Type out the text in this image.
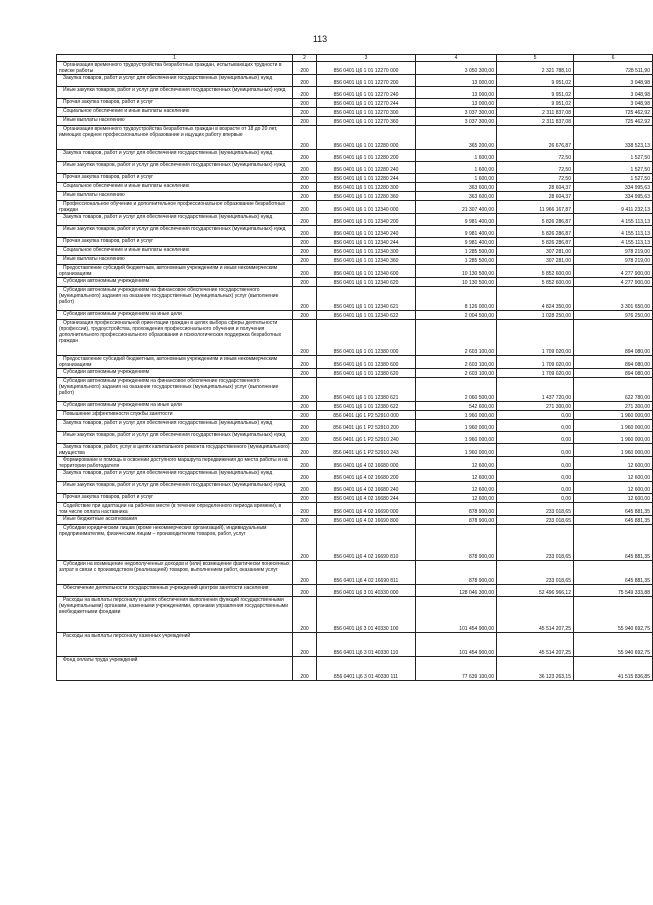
113
1	2	3	4	5	6
Организация временного трудоустройства безработных граждан, испытывающих трудности в поиске работы	200	856 0401 Ц6 1 01 12270 000	3 050 300,00	2 321 788,10	728 511,90
Закупка товаров, работ и услуг для обеспечения государственных (муниципальных) нужд	200	856 0401 Ц6 1 01 12270 200	13 000,00	9 951,02	3 048,98
Иные закупки товаров, работ и услуг для обеспечения государственных (муниципальных) нужд	200	856 0401 Ц6 1 01 12270 240	13 000,00	9 951,02	3 048,98
Прочая закупка товаров, работ и услуг	200	856 0401 Ц6 1 01 12270 244	13 000,00	9 951,02	3 048,98
Социальное обеспечение и иные выплаты населению	200	856 0401 Ц6 1 01 12270 300	3 037 300,00	2 311 837,08	725 462,92
Иные выплаты населению	200	856 0401 Ц6 1 01 12270 360	3 037 300,00	2 311 837,08	725 462,92
Организация временного трудоустройства безработных граждан в возрасте от 18 до 20 лет, имеющих среднее профессиональное образование и ищущих работу впервые	200	856 0401 Ц6 1 01 12280 000	365 200,00	26 676,87	338 523,13
Закупка товаров, работ и услуг для обеспечения государственных (муниципальных) нужд	200	856 0401 Ц6 1 01 12280 200	1 600,00	72,50	1 527,50
Иные закупки товаров, работ и услуг для обеспечения государственных (муниципальных) нужд	200	856 0401 Ц6 1 01 12280 240	1 600,00	72,50	1 527,50
Прочая закупка товаров, работ и услуг	200	856 0401 Ц6 1 01 12280 244	1 600,00	72,50	1 527,50
Социальное обеспечение и иные выплаты населению	200	856 0401 Ц6 1 01 12280 300	363 600,00	28 604,37	334 995,63
Иные выплаты населению	200	856 0401 Ц6 1 01 12280 360	363 600,00	28 604,37	334 995,63
Профессиональное обучение и дополнительное профессиональное образование безработных граждан	200	856 0401 Ц6 1 01 12340 000	21 307 400,00	11 966 167,87	9 411 232,13
Закупка товаров, работ и услуг для обеспечения государственных (муниципальных) нужд	200	856 0401 Ц6 1 01 12340 200	9 981 400,00	5 826 286,87	4 155 113,13
Иные закупки товаров, работ и услуг для обеспечения государственных (муниципальных) нужд	200	856 0401 Ц6 1 01 12340 240	9 981 400,00	5 826 286,87	4 155 113,13
Прочая закупка товаров, работ и услуг	200	856 0401 Ц6 1 01 12340 244	9 981 400,00	5 826 286,87	4 155 113,13
Социальное обеспечение и иные выплаты населению	200	856 0401 Ц6 1 01 12340 300	1 285 500,00	307 281,00	978 219,00
Иные выплаты населению	200	856 0401 Ц6 1 01 12340 360	1 285 500,00	307 281,00	978 219,00
Предоставление субсидий бюджетным, автономным учреждениям и иным некоммерческим организациям	200	856 0401 Ц6 1 01 12340 600	10 130 500,00	5 852 600,00	4 277 900,00
Субсидии автономным учреждениям	200	856 0401 Ц6 1 01 12340 620	10 130 500,00	5 852 600,00	4 277 900,00
Субсидии автономным учреждениям на финансовое обеспечение государственного (муниципального) задания на оказание государственных (муниципальных) услуг (выполнение работ)	200	856 0401 Ц6 1 01 12340 621	8 126 000,00	4 824 350,00	3 301 650,00
Субсидии автономным учреждениям на иные цели	200	856 0401 Ц6 1 01 12340 622	2 004 500,00	1 028 250,00	976 250,00
Организация профессиональной ориентации граждан в целях выбора сферы деятельности (профессии), трудоустройства, прохождения профессионального обучения и получения дополнительного профессионального образования и психологическая поддержка безработных граждан	200	856 0401 Ц6 1 01 12380 000	2 603 100,00	1 709 020,00	894 080,00
Предоставление субсидий бюджетным, автономным учреждениям и иным некоммерческим организациям	200	856 0401 Ц6 1 01 12380 600	2 603 100,00	1 709 020,00	894 080,00
Субсидии автономным учреждениям	200	856 0401 Ц6 1 01 12380 620	2 603 100,00	1 709 020,00	894 080,00
Субсидии автономным учреждениям на финансовое обеспечение государственного (муниципального) задания на оказание государственных (муниципальных) услуг (выполнение работ)	200	856 0401 Ц6 1 01 12380 621	2 060 500,00	1 437 720,00	622 780,00
Субсидии автономным учреждениям на иные цели	200	856 0401 Ц6 1 01 12380 622	542 600,00	271 300,00	271 300,00
Повышение эффективности службы занятости	200	856 0401 Ц6 1 Р2 52910 000	1 960 000,00	0,00	1 960 000,00
Закупка товаров, работ и услуг для обеспечения государственных (муниципальных) нужд	200	856 0401 Ц6 1 Р2 52910 200	1 960 000,00	0,00	1 960 000,00
Иные закупки товаров, работ и услуг для обеспечения государственных (муниципальных) нужд	200	856 0401 Ц6 1 Р2 52910 240	1 960 000,00	0,00	1 960 000,00
Закупка товаров, работ, услуг в целях капитального ремонта государственного (муниципального) имущества	200	856 0401 Ц6 1 Р2 52910 243	1 960 000,00	0,00	1 960 000,00
Формирование и помощь в освоении доступного маршрута передвижения до места работы и на территории работодателя	200	856 0401 Ц6 4 02 16680 000	12 600,00	0,00	12 600,00
Закупка товаров, работ и услуг для обеспечения государственных (муниципальных) нужд	200	856 0401 Ц6 4 02 16680 200	12 600,00	0,00	12 600,00
Иные закупки товаров, работ и услуг для обеспечения государственных (муниципальных) нужд	200	856 0401 Ц6 4 02 16680 240	12 600,00	0,00	12 600,00
Прочая закупка товаров, работ и услуг	200	856 0401 Ц6 4 02 16680 244	12 600,00	0,00	12 600,00
Содействие при адаптации на рабочем месте (в течение определенного периода времени), в том числе оплата наставника	200	856 0401 Ц6 4 02 16690 000	878 900,00	233 018,65	645 881,35
Иные бюджетные ассигнования	200	856 0401 Ц6 4 02 16690 800	878 900,00	233 018,65	645 881,35
Субсидии юридическим лицам (кроме некоммерческих организаций), индивидуальным предпринимателям, физическим лицам – производителям товаров, работ, услуг	200	856 0401 Ц6 4 02 16690 810	878 900,00	233 018,65	645 881,35
Субсидии на возмещение недополученных доходов и (или) возмещение фактически понесенных затрат в связи с производством (реализацией) товаров, выполнением работ, оказанием услуг	200	856 0401 Ц6 4 02 16690 811	878 900,00	233 018,65	645 881,35
Обеспечение деятельности государственных учреждений центров занятости населения	200	856 0401 Ц6 3 01 40330 000	128 046 300,00	52 496 966,12	75 549 333,88
Расходы на выплаты персоналу в целях обеспечения выполнения функций государственными (муниципальными) органами, казенными учреждениями, органами управления государственными внебюджетными фондами	200	856 0401 Ц6 3 01 40330 100	101 454 900,00	45 514 207,25	55 940 692,75
Расходы на выплаты персоналу казенных учреждений	200	856 0401 Ц6 3 01 40330 110	101 454 900,00	45 514 207,25	55 940 692,75
Фонд оплаты труда учреждений	200	856 0401 Ц6 3 01 40330 111	77 639 100,00	36 123 263,15	41 515 836,85
